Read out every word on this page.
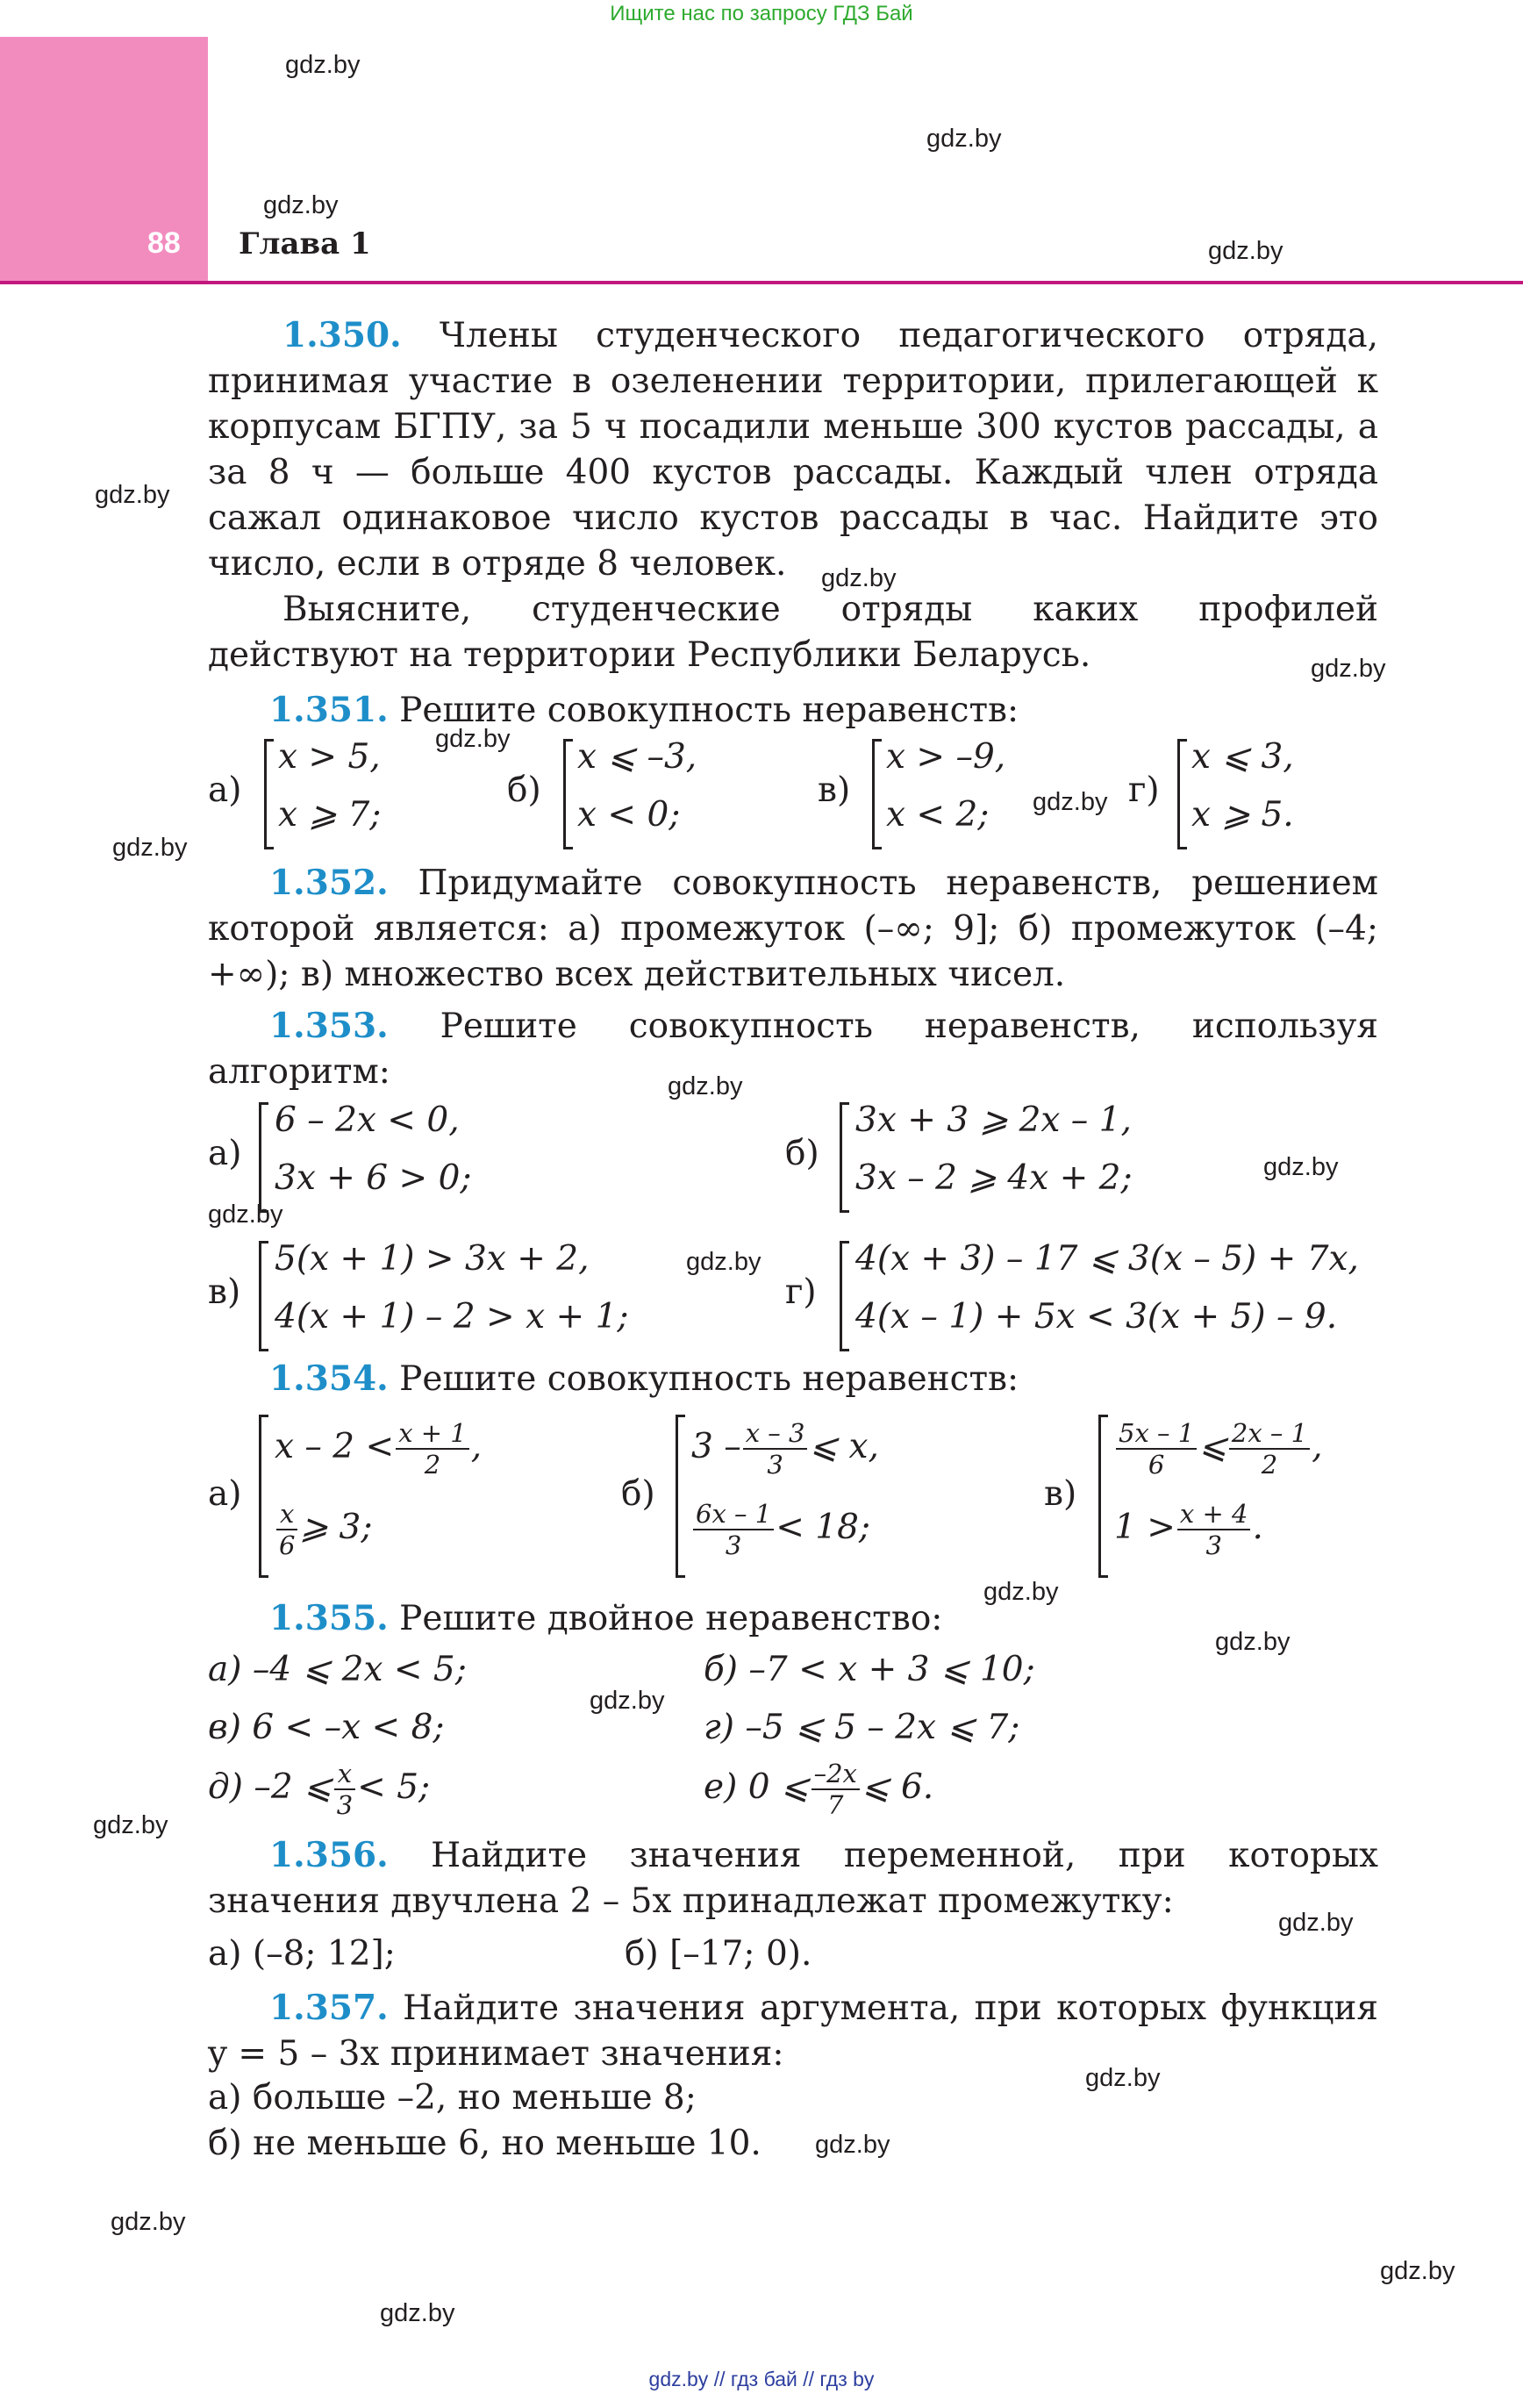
Ищите нас по запросу ГДЗ Бай
88 Глава 1
gdz.by
gdz.by
gdz.by
gdz.by
gdz.by
gdz.by
gdz.by
gdz.by
gdz.by
gdz.by
gdz.by
gdz.by
gdz.by
gdz.by
gdz.by
gdz.by
gdz.by
gdz.by
gdz.by
gdz.by
gdz.by
gdz.by
gdz.by
gdz.by

1.350. Члены студенческого педагогического отряда, принимая участие в озеленении территории, прилегающей к корпусам БГПУ, за 5 ч посадили меньше 300 кустов рассады, а за 8 ч — больше 400 кустов рассады. Каждый член отряда сажал одинаковое число кустов рассады в час. Найдите это число, если в отряде 8 человек.

Выясните, студенческие отряды каких профилей действуют на территории Республики Беларусь.

1.351. Решите совокупность неравенств:

а)
x > 5,
x ⩾ 7;
б)
x ⩽ –3,
x < 0;
в)
x > –9,
x < 2;
г)
x ⩽ 3,
x ⩾ 5.

1.352. Придумайте совокупность неравенств, решением которой является: а) промежуток (–∞; 9]; б) промежуток (–4; +∞); в) множество всех действительных чисел.

1.353. Решите совокупность неравенств, используя алгоритм:

а)
6 – 2x < 0,
3x + 6 > 0;
б)
3x + 3 ⩾ 2x – 1,
3x – 2 ⩾ 4x + 2;
в)
5(x + 1) > 3x + 2,
4(x + 1) – 2 > x + 1;
г)
4(x + 3) – 17 ⩽ 3(x – 5) + 7x,
4(x – 1) + 5x < 3(x + 5) – 9.

1.354. Решите совокупность неравенств:

а)
$x - 2 < \frac{x + 1}{2}$ ,
$\frac{x}{6}$ ⩾ 3;
б)
$3 - \frac{x - 3}{3}$ ⩽ x,
$\frac{6x - 1}{3} < 18$;
в)
$\frac{5x - 1}{6}$ ⩽ $\frac{2x - 1}{2}$ ,
$1 > \frac{x + 4}{3}$ .

1.355. Решите двойное неравенство:

а) –4 ⩽ 2x < 5;	б) –7 < x + 3 ⩽ 10;
в) 6 < –x < 8;	г) –5 ⩽ 5 – 2x ⩽ 7;
д) –2 ⩽ $\frac{x}{3} < 5$;	е) 0 ⩽ $\frac{-2x}{7}$ ⩽ 6.

1.356. Найдите значения переменной, при которых значения двучлена 2 – 5x принадлежат промежутку:

а) (–8; 12];	б) [–17; 0).

1.357. Найдите значения аргумента, при которых функция y = 5 – 3x принимает значения:

а) больше –2, но меньше 8;
б) не меньше 6, но меньше 10.
gdz.by // гдз бай // гдз by
